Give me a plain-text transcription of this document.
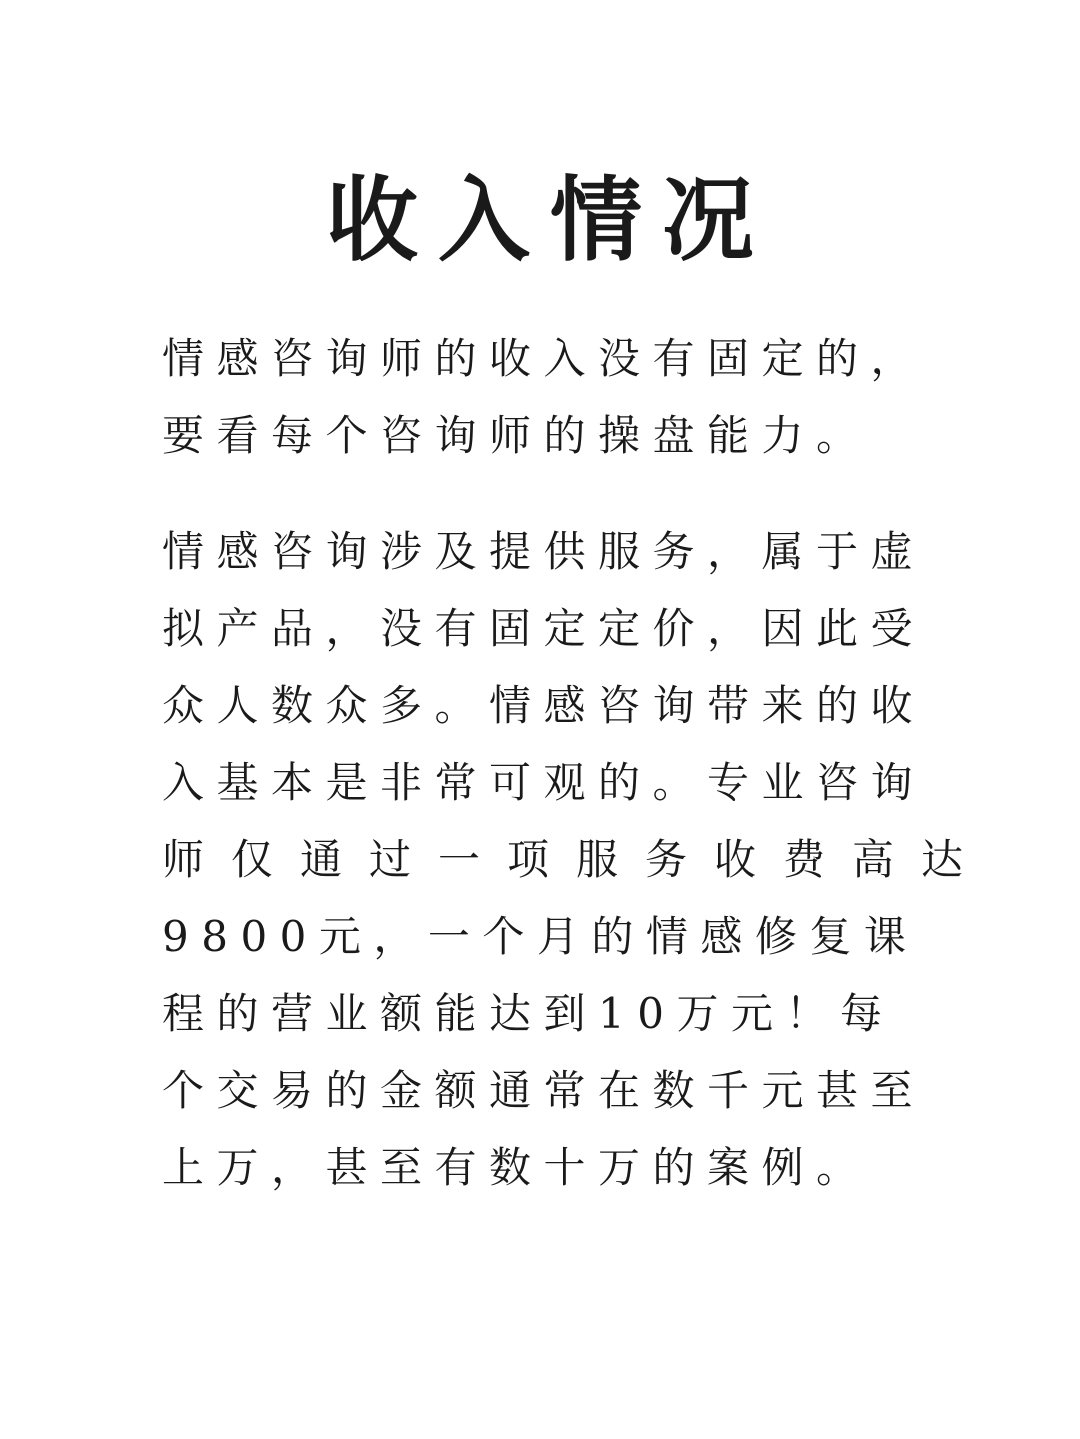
收入情况

情感咨询师的收入没有固定的，
要看每个咨询师的操盘能力。

情感咨询涉及提供服务，属于虚
拟产品，没有固定定价，因此受
众人数众多。情感咨询带来的收
入基本是非常可观的。专业咨询
师仅通过一项服务收费高达
9800元，一个月的情感修复课
程的营业额能达到10万元！每
个交易的金额通常在数千元甚至
上万，甚至有数十万的案例。
